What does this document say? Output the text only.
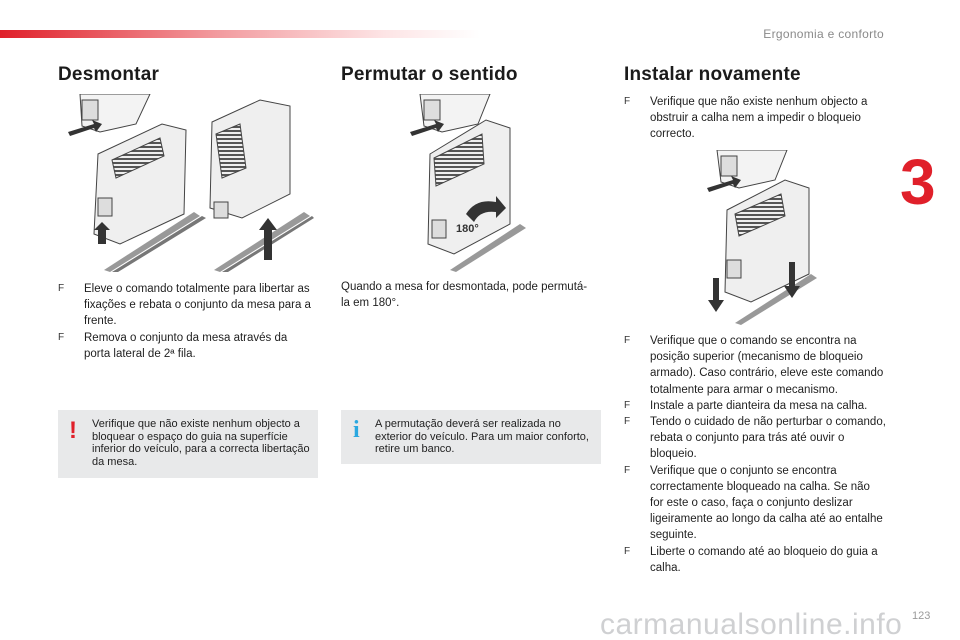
Ergonomia e conforto
3
Desmontar
F Eleve o comando totalmente para libertar as fixações e rebata o conjunto da mesa para a frente.
F Remova o conjunto da mesa através da porta lateral de 2ª fila.
! Verifique que não existe nenhum objecto a bloquear o espaço do guia na superfície inferior do veículo, para a correcta libertação da mesa.
Permutar o sentido
180°
Quando a mesa for desmontada, pode permutá-la em 180°.
i A permutação deverá ser realizada no exterior do veículo. Para um maior conforto, retire um banco.
Instalar novamente
F Verifique que não existe nenhum objecto a obstruir a calha nem a impedir o bloqueio correcto.
F Verifique que o comando se encontra na posição superior (mecanismo de bloqueio armado). Caso contrário, eleve este comando totalmente para armar o mecanismo.
F Instale a parte dianteira da mesa na calha.
F Tendo o cuidado de não perturbar o comando, rebata o conjunto para trás até ouvir o bloqueio.
F Verifique que o conjunto se encontra correctamente bloqueado na calha. Se não for este o caso, faça o conjunto deslizar ligeiramente ao longo da calha até ao entalhe seguinte.
F Liberte o comando até ao bloqueio do guia a calha.
carmanualsonline.info 123
